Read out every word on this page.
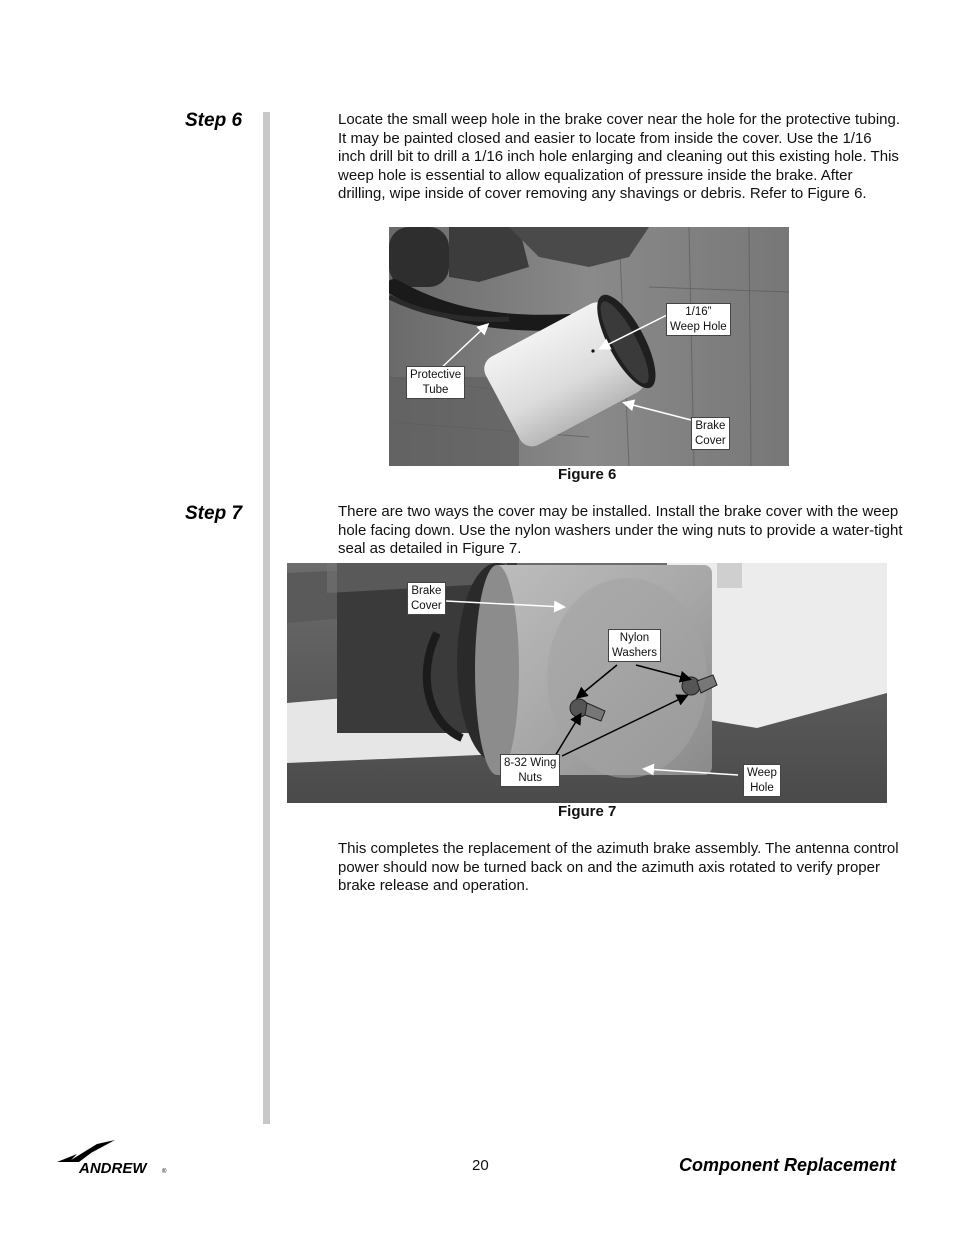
Step 6
Step 7

Locate the small weep hole in the brake cover near the hole for the protective tubing. It may be painted closed and easier to locate from inside the cover. Use the 1/16 inch drill bit to drill a 1/16 inch hole enlarging and cleaning out this existing hole. This weep hole is essential to allow equalization of pressure inside the brake. After drilling, wipe inside of cover removing any shavings or debris. Refer to Figure 6.

1/16”
Weep Hole
Protective
Tube
Brake
Cover
Figure 6

There are two ways the cover may be installed. Install the brake cover with the weep hole facing down. Use the nylon washers under the wing nuts to provide a water-tight seal as detailed in Figure 7.

Brake
Cover
Nylon
Washers
8-32 Wing
Nuts	Weep
Hole
Figure 7

This completes the replacement of the azimuth brake assembly. The antenna control power should now be turned back on and the azimuth axis rotated to verify proper brake release and operation.

ANDREW	®	20	Component Replacement
